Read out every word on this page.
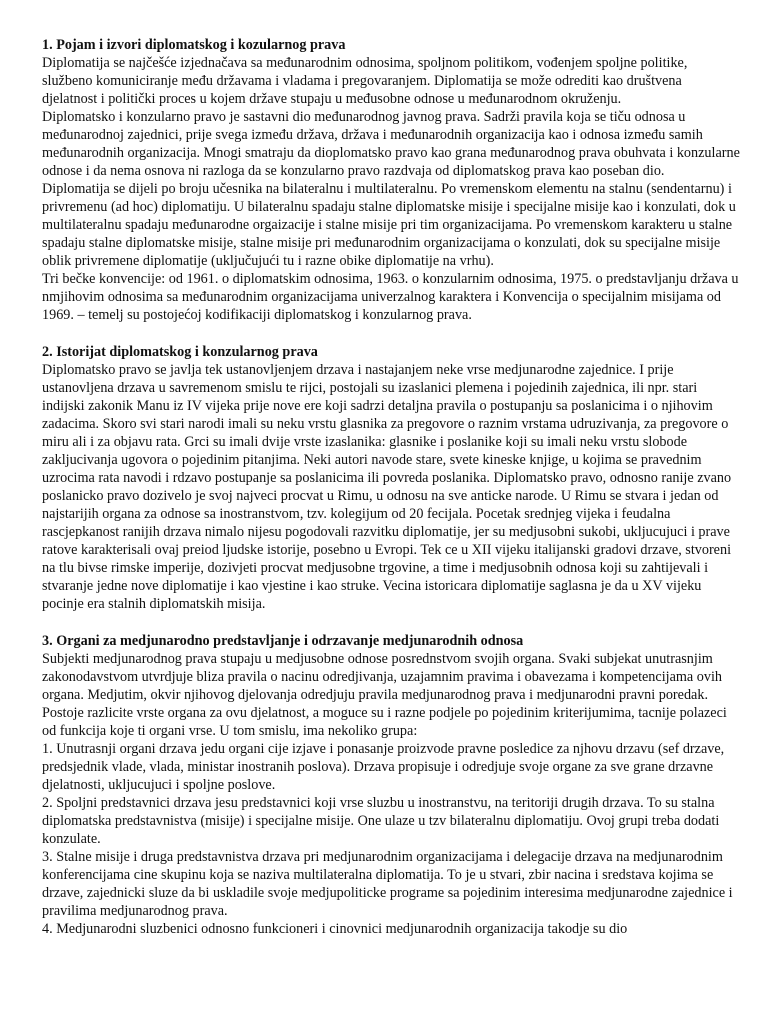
1. Pojam i izvori diplomatskog i kozularnog prava

Diplomatija se najčešće izjednačava sa međunarodnim odnosima, spoljnom politikom, vođenjem spoljne politike, službeno komuniciranje među državama i vladama i pregovaranjem. Diplomatija se može odrediti kao društvena djelatnost i politički proces u kojem države stupaju u međusobne odnose u međunarodnom okruženju.

Diplomatsko i konzularno pravo je sastavni dio međunarodnog javnog prava. Sadrži pravila koja se tiču odnosa u međunarodnoj zajednici, prije svega između država, država i međunarodnih organizacija kao i odnosa između samih međunarodnih organizacija. Mnogi smatraju da dioplomatsko pravo kao grana međunarodnog prava obuhvata i konzularne odnose i da nema osnova ni razloga da se konzularno pravo razdvaja od diplomatskog prava kao poseban dio.

Diplomatija se dijeli po broju učesnika na bilateralnu i multilateralnu. Po vremenskom elementu na stalnu (sendentarnu) i privremenu (ad hoc) diplomatiju. U bilateralnu spadaju stalne diplomatske misije i specijalne misije kao i konzulati, dok u multilateralnu spadaju međunarodne orgaizacije i stalne misije pri tim organizacijama. Po vremenskom karakteru u stalne spadaju stalne diplomatske misije, stalne misije pri međunarodnim organizacijama o konzulati, dok su specijalne misije oblik privremene diplomatije (uključujući tu i razne obike diplomatije na vrhu).

Tri bečke konvencije: od 1961. o diplomatskim odnosima, 1963. o konzularnim odnosima, 1975. o predstavljanju država u nmjihovim odnosima sa međunarodnim organizacijama univerzalnog karaktera i Konvencija o specijalnim misijama od 1969. – temelj su postojećoj kodifikaciji diplomatskog i konzularnog prava.

2. Istorijat diplomatskog i konzularnog prava

Diplomatsko pravo se javlja tek ustanovljenjem drzava i nastajanjem neke vrse medjunarodne zajednice. I prije ustanovljena drzava u savremenom smislu te rijci, postojali su izaslanici plemena i pojedinih zajednica, ili npr. stari indijski zakonik Manu iz IV vijeka prije nove ere koji sadrzi detaljna pravila o postupanju sa poslanicima i o njihovim zadacima. Skoro svi stari narodi imali su neku vrstu glasnika za pregovore o raznim vrstama udruzivanja, za pregovore o miru ali i za objavu rata. Grci su imali dvije vrste izaslanika: glasnike i poslanike koji su imali neku vrstu slobode zakljucivanja ugovora o pojedinim pitanjima. Neki autori navode stare, svete kineske knjige, u kojima se pravednim uzrocima rata navodi i rdzavo postupanje sa poslanicima ili povreda poslanika. Diplomatsko pravo, odnosno ranije zvano poslanicko pravo dozivelo je svoj najveci procvat u Rimu, u odnosu na sve anticke narode. U Rimu se stvara i jedan od najstarijih organa za odnose sa inostranstvom, tzv. kolegijum od 20 fecijala. Pocetak srednjeg vijeka i feudalna rascjepkanost ranijih drzava nimalo nijesu pogodovali razvitku diplomatije, jer su medjusobni sukobi, ukljucujuci i prave ratove karakterisali ovaj preiod ljudske istorije, posebno u Evropi. Tek ce u XII vijeku italijanski gradovi drzave, stvoreni na tlu bivse rimske imperije, dozivjeti procvat medjusobne trgovine, a time i medjusobnih odnosa koji su zahtijevali i stvaranje jedne nove diplomatije i kao vjestine i kao struke. Vecina istoricara diplomatije saglasna je da u XV vijeku pocinje era stalnih diplomatskih misija.

3. Organi za medjunarodno predstavljanje i odrzavanje medjunarodnih odnosa

Subjekti medjunarodnog prava stupaju u medjusobne odnose posrednstvom svojih organa. Svaki subjekat unutrasnjim zakonodavstvom utvrdjuje bliza pravila o nacinu odredjivanja, uzajamnim pravima i obavezama i kompetencijama ovih organa. Medjutim, okvir njihovog djelovanja odredjuju pravila medjunarodnog prava i medjunarodni pravni poredak. Postoje razlicite vrste organa za ovu djelatnost, a moguce su i razne podjele po pojedinim kriterijumima, tacnije polazeci od funkcija koje ti organi vrse. U tom smislu, ima nekoliko grupa:

1. Unutrasnji organi drzava jedu organi cije izjave i ponasanje proizvode pravne posledice za njhovu drzavu (sef drzave, predsjednik vlade, vlada, ministar inostranih poslova). Drzava propisuje i odredjuje svoje organe za sve grane drzavne djelatnosti, ukljucujuci i spoljne poslove.

2. Spoljni predstavnici drzava jesu predstavnici koji vrse sluzbu u inostranstvu, na teritoriji drugih drzava. To su stalna diplomatska predstavnistva (misije) i specijalne misije. One ulaze u tzv bilateralnu diplomatiju. Ovoj grupi treba dodati konzulate.

3. Stalne misije i druga predstavnistva drzava pri medjunarodnim organizacijama i delegacije drzava na medjunarodnim konferencijama cine skupinu koja se naziva multilateralna diplomatija. To je u stvari, zbir nacina i sredstava kojima se drzave, zajednicki sluze da bi uskladile svoje medjupoliticke programe sa pojedinim interesima medjunarodne zajednice i pravilima medjunarodnog prava.

4. Medjunarodni sluzbenici odnosno funkcioneri i cinovnici medjunarodnih organizacija takodje su dio
